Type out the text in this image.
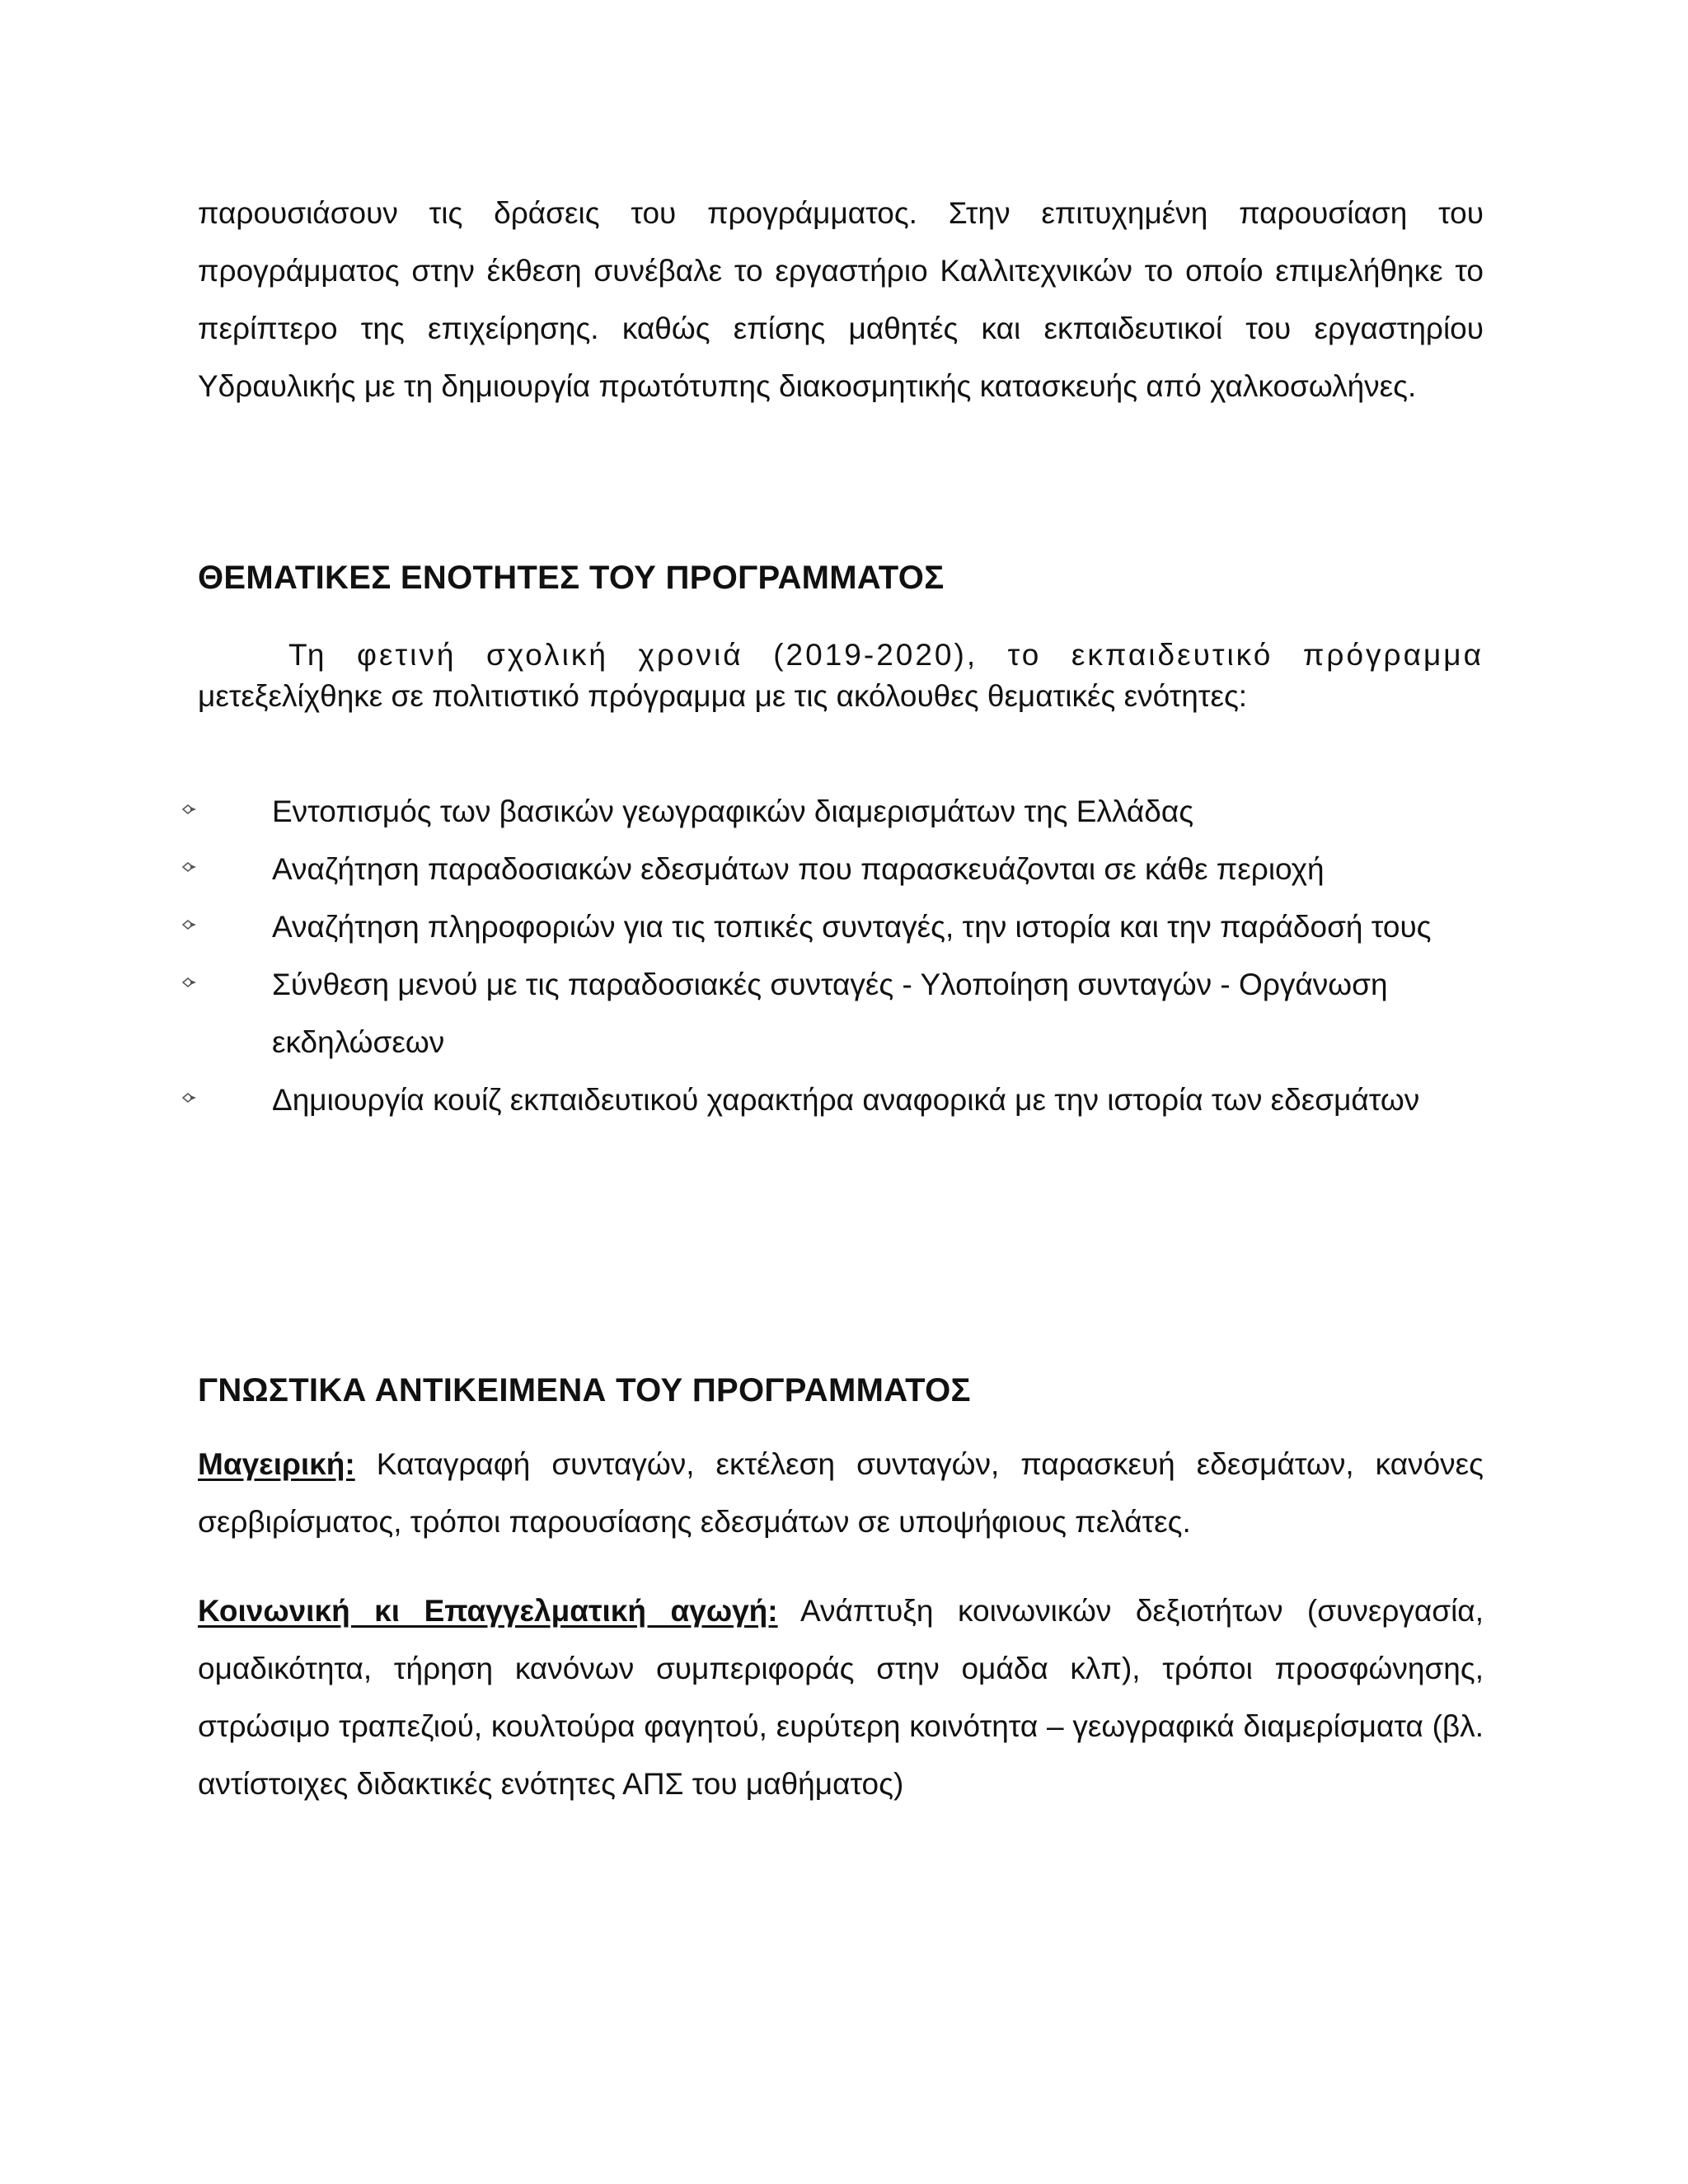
παρουσιάσουν τις δράσεις του προγράμματος. Στην επιτυχημένη παρουσίαση του προγράμματος στην έκθεση συνέβαλε το εργαστήριο Καλλιτεχνικών το οποίο επιμελήθηκε το περίπτερο της επιχείρησης. καθώς επίσης μαθητές και εκπαιδευτικοί του εργαστηρίου Υδραυλικής με τη δημιουργία πρωτότυπης διακοσμητικής κατασκευής από χαλκοσωλήνες.

ΘΕΜΑΤΙΚΕΣ ΕΝΟΤΗΤΕΣ ΤΟΥ ΠΡΟΓΡΑΜΜΑΤΟΣ
Τη φετινή σχολική χρονιά (2019-2020), το εκπαιδευτικό πρόγραμμα
μετεξελίχθηκε σε πολιτιστικό πρόγραμμα με τις ακόλουθες θεματικές ενότητες:
Εντοπισμός των βασικών γεωγραφικών διαμερισμάτων της Ελλάδας
Αναζήτηση παραδοσιακών εδεσμάτων που παρασκευάζονται σε κάθε περιοχή
Αναζήτηση πληροφοριών για τις τοπικές συνταγές, την ιστορία και την παράδοσή τους
Σύνθεση μενού με τις παραδοσιακές συνταγές - Υλοποίηση συνταγών - Οργάνωση εκδηλώσεων
Δημιουργία κουίζ εκπαιδευτικού χαρακτήρα αναφορικά με την ιστορία των εδεσμάτων
ΓΝΩΣΤΙΚΑ ΑΝΤΙΚΕΙΜΕΝΑ ΤΟΥ ΠΡΟΓΡΑΜΜΑΤΟΣ

Μαγειρική: Καταγραφή συνταγών, εκτέλεση συνταγών, παρασκευή εδεσμάτων, κανόνες σερβιρίσματος, τρόποι παρουσίασης εδεσμάτων σε υποψήφιους πελάτες.

Κοινωνική κι Επαγγελματική αγωγή: Ανάπτυξη κοινωνικών δεξιοτήτων (συνεργασία, ομαδικότητα, τήρηση κανόνων συμπεριφοράς στην ομάδα κλπ), τρόποι προσφώνησης, στρώσιμο τραπεζιού, κουλτούρα φαγητού, ευρύτερη κοινότητα – γεωγραφικά διαμερίσματα (βλ. αντίστοιχες διδακτικές ενότητες ΑΠΣ του μαθήματος)
